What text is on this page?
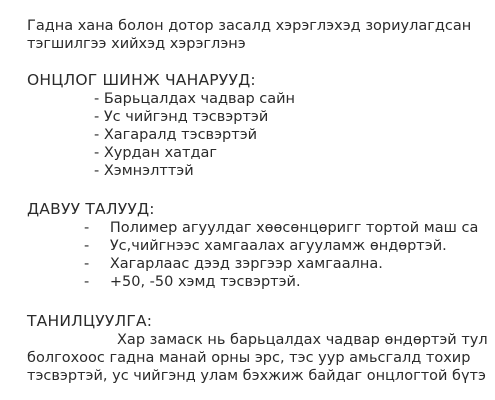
Гадна хана болон дотор засалд хэрэглэхэд зориулагдсан

тэгшилгээ хийхэд хэрэглэнэ

ОНЦЛОГ ШИНЖ ЧАНАРУУД:

- Барьцалдах чадвар сайн

- Ус чийгэнд тэсвэртэй

- Хагаралд тэсвэртэй

- Хурдан хатдаг

- Хэмнэлттэй

ДАВУУ ТАЛУУД:

- Полимер агуулдаг хөөсөнцөригг тортой маш са

- Ус,чийгнээс хамгаалах агууламж өндөртэй.

- Хагарлаас дээд зэргээр хамгаална.

- +50, -50 хэмд тэсвэртэй.

ТАНИЛЦУУЛГА:

Хар замаск нь барьцалдах чадвар өндөртэй тул

болгохоос гадна манай орны эрс, тэс уур амьсгалд тохир

тэсвэртэй, ус чийгэнд улам бэхжиж байдаг онцлогтой бүтэ
